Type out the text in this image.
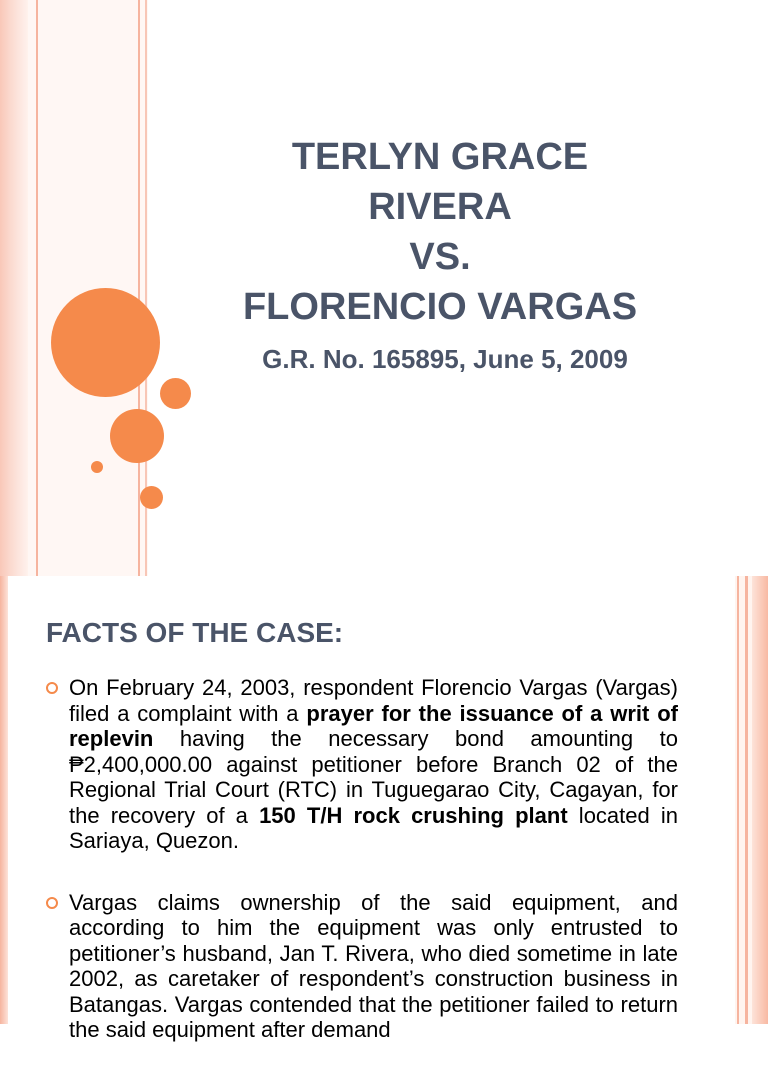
TERLYN GRACE
RIVERA
VS.
FLORENCIO VARGAS
G.R. No. 165895, June 5, 2009
FACTS OF THE CASE:
On February 24, 2003, respondent Florencio Vargas (Vargas) filed a complaint with a prayer for the issuance of a writ of replevin having the necessary bond amounting to ₱2,400,000.00 against petitioner before Branch 02 of the Regional Trial Court (RTC) in Tuguegarao City, Cagayan, for the recovery of a 150 T/H rock crushing plant located in Sariaya, Quezon.
Vargas claims ownership of the said equipment, and according to him the equipment was only entrusted to petitioner’s husband, Jan T. Rivera, who died sometime in late 2002, as caretaker of respondent’s construction business in Batangas. Vargas contended that the petitioner failed to return the said equipment after demand
